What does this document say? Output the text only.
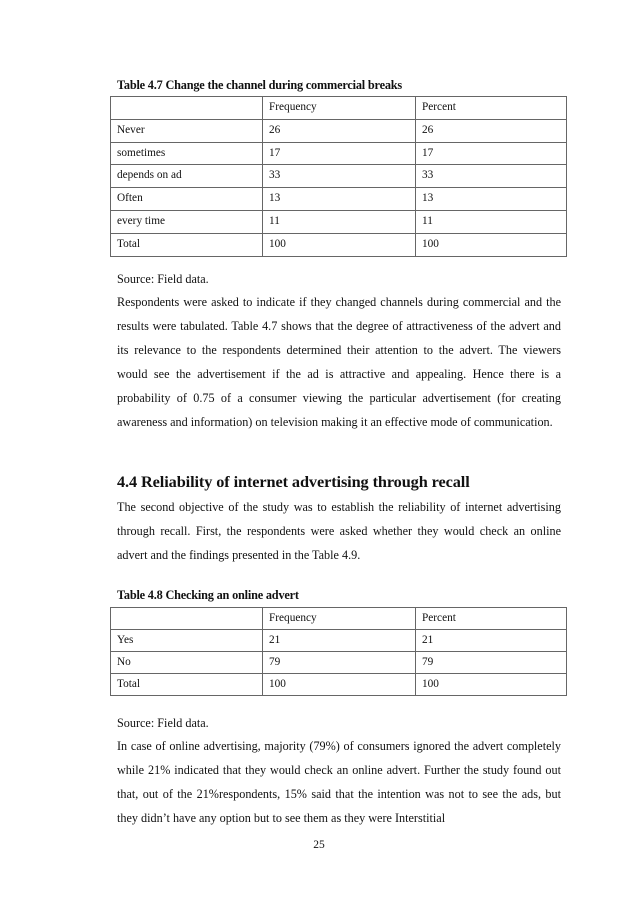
Table 4.7 Change the channel during commercial breaks
	Frequency	Percent
Never	26	26
sometimes	17	17
depends on ad	33	33
Often	13	13
every time	11	11
Total	100	100
Source: Field data.

Respondents were asked to indicate if they changed channels during commercial and the results were tabulated. Table 4.7 shows that the degree of attractiveness of the advert and its relevance to the respondents determined their attention to the advert. The viewers would see the advertisement if the ad is attractive and appealing. Hence there is a probability of 0.75 of a consumer viewing the particular advertisement (for creating awareness and information) on television making it an effective mode of communication.

4.4 Reliability of internet advertising through recall

The second objective of the study was to establish the reliability of internet advertising through recall. First, the respondents were asked whether they would check an online advert and the findings presented in the Table 4.9.

Table 4.8 Checking an online advert
	Frequency	Percent
Yes	21	21
No	79	79
Total	100	100
Source: Field data.

In case of online advertising, majority (79%) of consumers ignored the advert completely while 21% indicated that they would check an online advert. Further the study found out that, out of the 21%respondents, 15% said that the intention was not to see the ads, but they didn’t have any option but to see them as they were Interstitial

25
